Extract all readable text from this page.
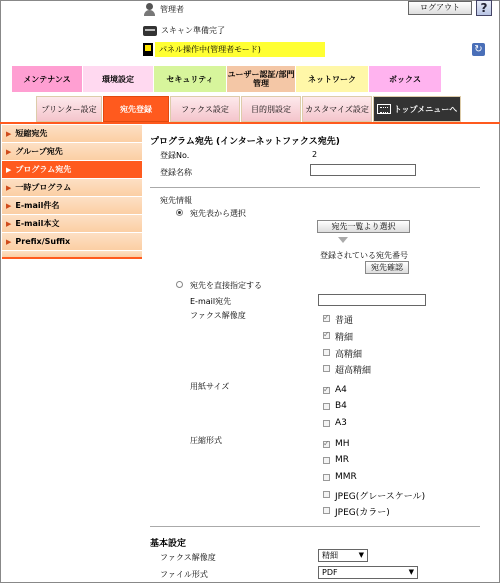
管理者	ログアウト	?
スキャン準備完了
パネル操作中(管理者モード)	↻
メンテナンス	環境設定	セキュリティ ユーザー認証/部門管理	ネットワーク	ボックス
プリンター設定	宛先登録	ファクス設定	目的別設定	カスタマイズ設定	トップメニューへ
▶ 短縮宛先
▶ グループ宛先
▶ プログラム宛先
▶ 一時プログラム
▶ E-mail件名
▶ E-mail本文
▶ Prefix/Suffix
プログラム宛先 (インターネットファクス宛先)
登録No.	2
登録名称
宛先情報
宛先表から選択
宛先一覧より選択
登録されている宛先番号
宛先確認
宛先を直接指定する
E-mail宛先
ファクス解像度
✓
普通
✓
精細
高精細
超高精細
用紙サイズ ✓	A4
B4
A3
圧縮形式 ✓	MH
MR
MMR
JPEG(グレースケール)
JPEG(カラー)
基本設定
ファクス解像度	精細	▼
ファイル形式	PDF	▼
